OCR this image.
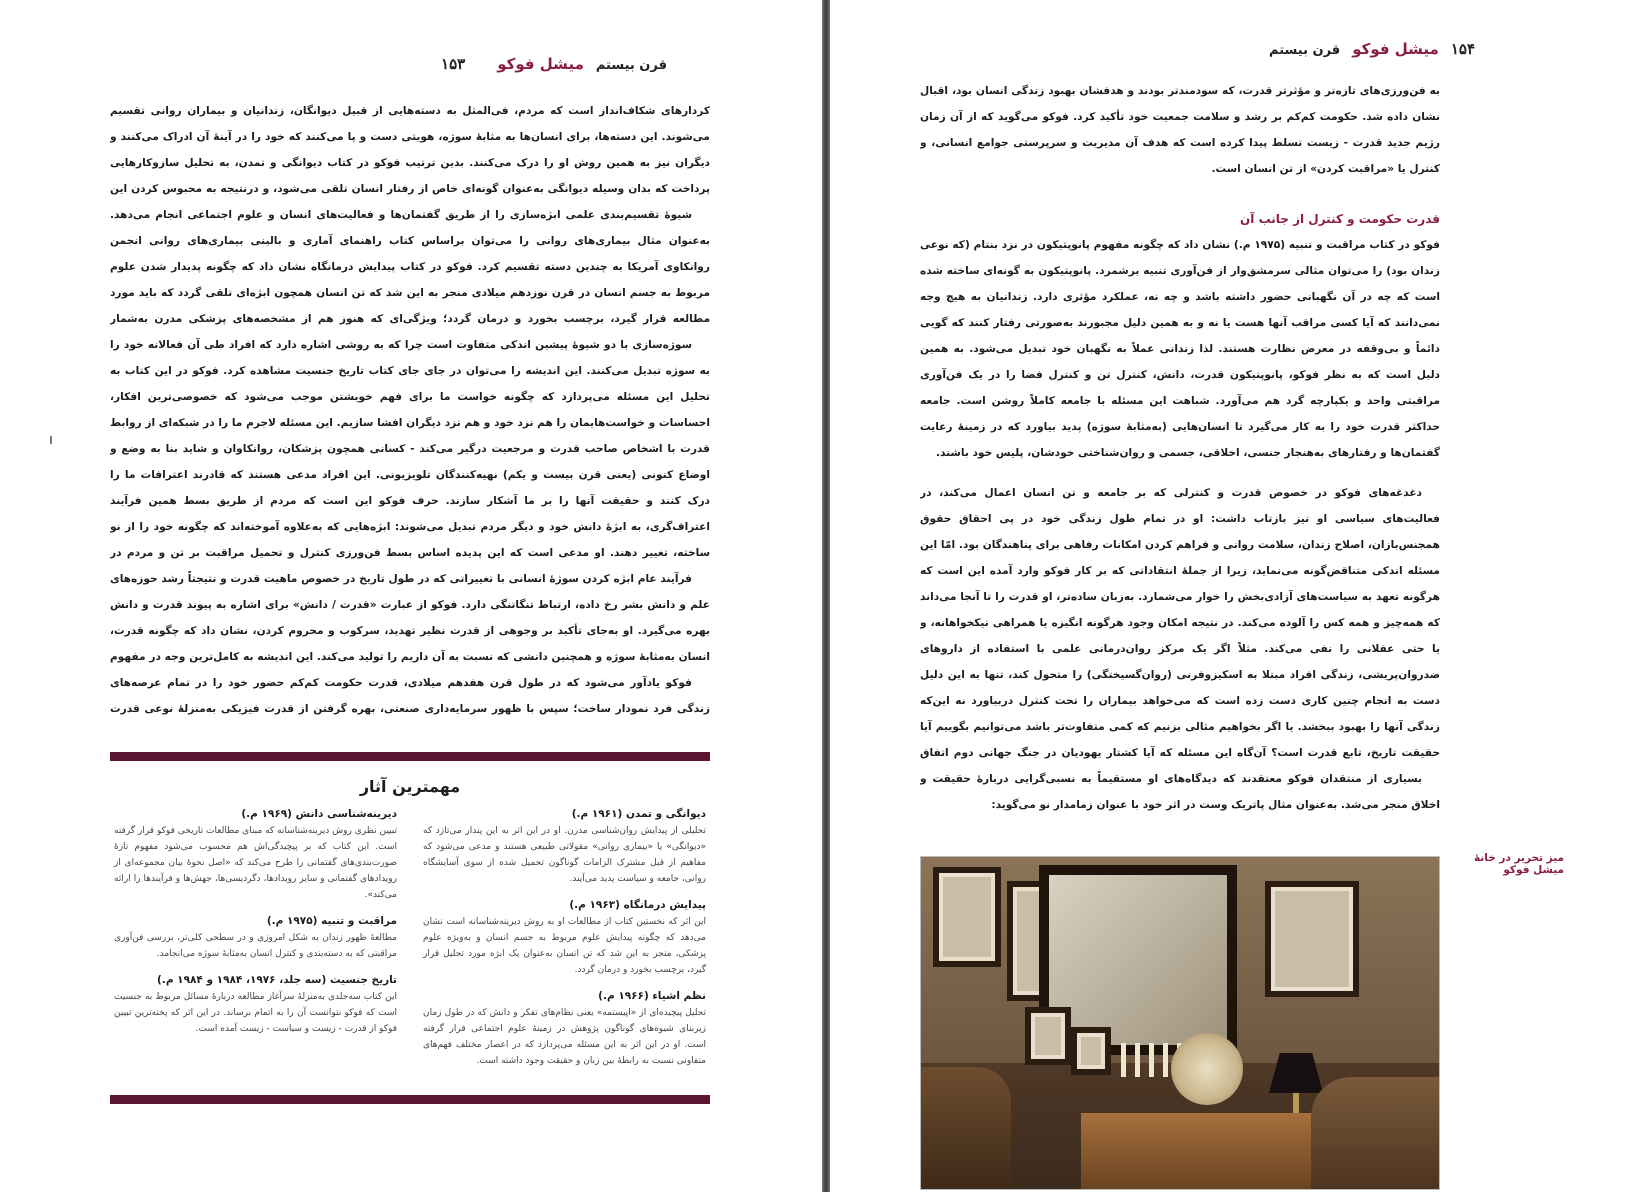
قرن بیستم
میشل فوکو
۱۵۳

کردارهای شکاف‌انداز است که مردم، فی‌المثل به دسته‌هایی از قبیل دیوانگان، زندانیان و بیماران روانی تقسیم می‌شوند. این دسته‌ها، برای انسان‌ها به مثابهٔ سوژه، هویتی دست و پا می‌کنند که خود را در آینهٔ آن ادراک می‌کنند و دیگران نیز به همین روش او را درک می‌کنند. بدین ترتیب فوکو در کتاب دیوانگی و تمدن، به تحلیل سازوکارهایی پرداخت که بدان وسیله دیوانگی به‌عنوان گونه‌ای خاص از رفتار انسان تلقی می‌شود، و درنتیجه به محبوس کردن این

شیوهٔ تقسیم‌بندی علمی ابژه‌سازی را از طریق گفتمان‌ها و فعالیت‌های انسان و علوم اجتماعی انجام می‌دهد. به‌عنوان مثال بیماری‌های روانی را می‌توان براساس کتاب راهنمای آماری و بالینی بیماری‌های روانی انجمن روانکاوی آمریکا به چندین دسته تقسیم کرد. فوکو در کتاب پیدایش درمانگاه نشان داد که چگونه پدیدار شدن علوم مربوط به جسم انسان در قرن نوزدهم میلادی منجر به این شد که تن انسان همچون ابژه‌ای تلقی گردد که باید مورد مطالعه قرار گیرد، برچسب بخورد و درمان گردد؛ ویژگی‌ای که هنوز هم از مشخصه‌های پزشکی مدرن به‌شمار

سوژه‌سازی با دو شیوهٔ پیشین اندکی متفاوت است چرا که به روشی اشاره دارد که افراد طی آن فعالانه خود را به سوژه تبدیل می‌کنند. این اندیشه را می‌توان در جای جای کتاب تاریخ جنسیت مشاهده کرد. فوکو در این کتاب به تحلیل این مسئله می‌پردازد که چگونه خواست ما برای فهم خویشتن موجب می‌شود که خصوصی‌ترین افکار، احساسات و خواست‌هایمان را هم نزد خود و هم نزد دیگران افشا سازیم. این مسئله لاجرم ما را در شبکه‌ای از روابط قدرت با اشخاص صاحب قدرت و مرجعیت درگیر می‌کند - کسانی همچون پزشکان، روانکاوان و شاید بنا به وضع و اوضاع کنونی (یعنی قرن بیست و یکم) نهیه‌کنندگان تلویزیونی. این افراد مدعی هستند که قادرند اعترافات ما را درک کنند و حقیقت آنها را بر ما آشکار سازند. حرف فوکو این است که مردم از طریق بسط همین فرآیند اعتراف‌گری، به ابژهٔ دانش خود و دیگر مردم تبدیل می‌شوند: ابژه‌هایی که به‌علاوه آموخته‌اند که چگونه خود را از نو ساخته، تغییر دهند. او مدعی است که این پدیده اساس بسط فن‌ورزی کنترل و تحمیل مراقبت بر تن و مردم در

فرآیند عام ابژه کردن سوژهٔ انسانی با تغییراتی که در طول تاریخ در خصوص ماهیت قدرت و نتیجتاً رشد حوزه‌های علم و دانش بشر رخ داده، ارتباط تنگاتنگی دارد. فوکو از عبارت «قدرت / دانش» برای اشاره به پیوند قدرت و دانش بهره می‌گیرد. او به‌جای تأکید بر وجوهی از قدرت نظیر تهدید، سرکوب و محروم کردن، نشان داد که چگونه قدرت، انسان به‌مثابهٔ سوژه و همچنین دانشی که نسبت به آن داریم را تولید می‌کند. این اندیشه به کامل‌ترین وجه در مفهوم

فوکو یادآور می‌شود که در طول قرن هفدهم میلادی، قدرت حکومت کم‌کم حضور خود را در تمام عرصه‌های زندگی فرد نمودار ساخت؛ سپس با ظهور سرمایه‌داری صنعتی، بهره گرفتن از قدرت فیزیکی به‌منزلهٔ نوعی قدرت

مهمترین آثار

دیوانگی و تمدن (۱۹۶۱ م.)

تحلیلی از پیدایش روان‌شناسی مدرن. او در این اثر به این پندار می‌تازد که «دیوانگی» یا «بیماری روانی» مقولاتی طبیعی هستند و مدعی می‌شود که مفاهیم از قبل مشترک الزامات گوناگون تحمیل شده از سوی آسایشگاه روانی، جامعه و سیاست پدید می‌آیند.

پیدایش درمانگاه (۱۹۶۳ م.)

این اثر که نخستین کتاب از مطالعات او به روش دیرینه‌شناسانه است نشان می‌دهد که چگونه پیدایش علوم مربوط به جسم انسان و به‌ویژه علوم پزشکی، منجر به این شد که تن انسان به‌عنوان یک ابژه مورد تحلیل قرار گیرد، برچسب بخورد و درمان گردد.

نظم اشیاء (۱۹۶۶ م.)

تحلیل پیچیده‌ای از «اپیستمه» یعنی نظام‌های تفکر و دانش که در طول زمان زیربنای شیوه‌های گوناگون پژوهش در زمینهٔ علوم اجتماعی قرار گرفته است. او در این اثر به این مسئله می‌پردازد که در اعصار مختلف فهم‌های متفاوتی نسبت به رابطهٔ بین زبان و حقیقت وجود داشته است.

دیرینه‌شناسی دانش (۱۹۶۹ م.)

تبیین نظری روش دیرینه‌شناسانه که مبنای مطالعات تاریخی فوکو قرار گرفته است. این کتاب که بر پیچیدگی‌اش هم محسوب می‌شود مفهوم تازهٔ صورت‌بندی‌های گفتمانی را طرح می‌کند که «اصل نحوهٔ بیان مجموعه‌ای از رویدادهای گفتمانی و سایر رویدادها، دگردیسی‌ها، جهش‌ها و فرآیندها را ارائه می‌کند».

مراقبت و تنبیه (۱۹۷۵ م.)

مطالعهٔ ظهور زندان به شکل امروزی و در سطحی کلی‌تر، بررسی فن‌آوری مراقبتی که به دسته‌بندی و کنترل انسان به‌مثابهٔ سوژه می‌انجامد.

تاریخ جنسیت (سه جلد، ۱۹۷۶، ۱۹۸۴ و ۱۹۸۴ م.)

این کتاب سه‌جلدی به‌منزلهٔ سرآغاز مطالعه دربارهٔ مسائل مربوط به جنسیت است که فوکو نتوانست آن را به اتمام برساند. در این اثر که پخته‌ترین تبیین فوکو از قدرت - زیست و سیاست - زیست آمده است.

۱۵۴
میشل فوکو
قرن بیستم

به فن‌ورزی‌های تازه‌تر و مؤثرتر قدرت، که سودمندتر بودند و هدفشان بهبود زندگی انسان بود، اقبال نشان داده شد. حکومت کم‌کم بر رشد و سلامت جمعیت خود تأکید کرد. فوکو می‌گوید که از آن زمان رژیم جدید قدرت - زیست تسلط پیدا کرده است که هدف آن مدیریت و سرپرستی جوامع انسانی، و کنترل یا «مراقبت کردن» از تن انسان است.

قدرت حکومت و کنترل از جانب آن

فوکو در کتاب مراقبت و تنبیه (۱۹۷۵ م.) نشان داد که چگونه مفهوم پانوپتیکون در نزد بنتام (که نوعی زندان بود) را می‌توان مثالی سرمشق‌وار از فن‌آوری تنبیه برشمرد. پانوپتیکون به گونه‌ای ساخته شده است که چه در آن نگهبانی حضور داشته باشد و چه نه، عملکرد مؤثری دارد. زندانیان به هیچ وجه نمی‌دانند که آیا کسی مراقب آنها هست یا نه و به همین دلیل مجبورند به‌صورتی رفتار کنند که گویی دائماً و بی‌وقفه در معرض نظارت هستند. لذا زندانی عملاً به نگهبان خود تبدیل می‌شود. به همین دلیل است که به نظر فوکو، پانوپتیکون قدرت، دانش، کنترل تن و کنترل فضا را در یک فن‌آوری مراقبتی واحد و یکپارچه گرد هم می‌آورد. شباهت این مسئله با جامعه کاملاً روشن است. جامعه حداکثر قدرت خود را به کار می‌گیرد تا انسان‌هایی (به‌مثابهٔ سوژه) پدید بیاورد که در زمینهٔ رعایت گفتمان‌ها و رفتارهای به‌هنجار جنسی، اخلاقی، جسمی و روان‌شناختی خودشان، پلیس خود باشند.

دغدغه‌های فوکو در خصوص قدرت و کنترلی که بر جامعه و تن انسان اعمال می‌کند، در فعالیت‌های سیاسی او نیز بازتاب داشت: او در تمام طول زندگی خود در پی احقاق حقوق همجنس‌بازان، اصلاح زندان، سلامت روانی و فراهم کردن امکانات رفاهی برای پناهندگان بود. امّا این مسئله اندکی متناقض‌گونه می‌نماید، زیرا از جملهٔ انتقاداتی که بر کار فوکو وارد آمده این است که هرگونه تعهد به سیاست‌های آزادی‌بخش را خوار می‌شمارد. به‌زبان ساده‌تر، او قدرت را تا آنجا می‌داند که همه‌چیز و همه کس را آلوده می‌کند. در نتیجه امکان وجود هرگونه انگیزه یا همراهی نیکخواهانه، و یا حتی عقلانی را نفی می‌کند. مثلاً اگر یک مرکز روان‌درمانی علمی با استفاده از داروهای ضدروان‌پریشی، زندگی افراد مبتلا به اسکیزوفرنی (روان‌گسیختگی) را متحول کند، تنها به این دلیل دست به انجام چنین کاری دست زده است که می‌خواهد بیماران را تحت کنترل دربیاورد نه این‌که زندگی آنها را بهبود ببخشد. یا اگر بخواهیم مثالی بزنیم که کمی متفاوت‌تر باشد می‌توانیم بگوییم آیا حقیقت تاریخ، تابع قدرت است؟ آن‌گاه این مسئله که آیا کشتار یهودیان در جنگ جهانی دوم اتفاق

بسیاری از منتقدان فوکو معتقدند که دیدگاه‌های او مستقیماً به نسبی‌گرایی دربارهٔ حقیقت و اخلاق منجر می‌شد. به‌عنوان مثال پاتریک وست در اثر خود با عنوان زمامدار نو می‌گوید:

میز تحریر در خانهٔ میشل فوکو
